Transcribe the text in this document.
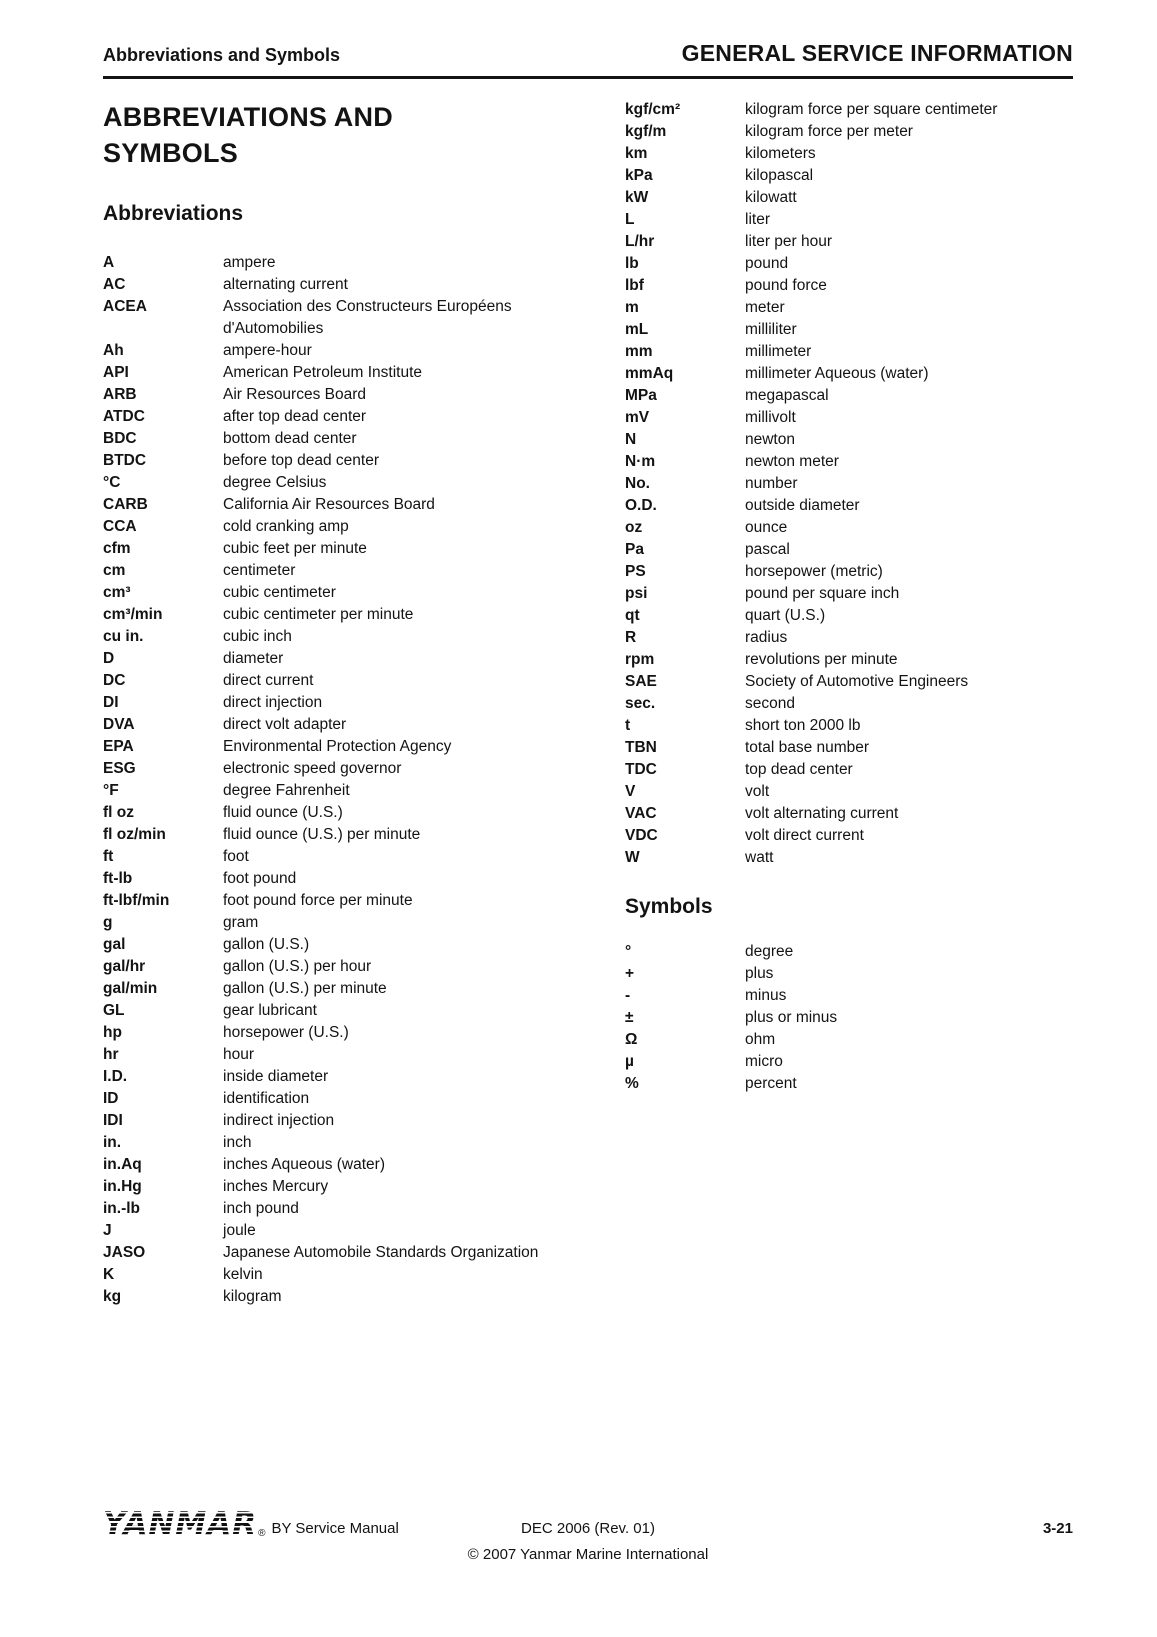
Abbreviations and Symbols	GENERAL SERVICE INFORMATION
ABBREVIATIONS AND SYMBOLS
Abbreviations
A	ampere
AC	alternating current
ACEA	Association des Constructeurs Européens d'Automobilies
Ah	ampere-hour
API	American Petroleum Institute
ARB	Air Resources Board
ATDC	after top dead center
BDC	bottom dead center
BTDC	before top dead center
°C	degree Celsius
CARB	California Air Resources Board
CCA	cold cranking amp
cfm	cubic feet per minute
cm	centimeter
cm³	cubic centimeter
cm³/min	cubic centimeter per minute
cu in.	cubic inch
D	diameter
DC	direct current
DI	direct injection
DVA	direct volt adapter
EPA	Environmental Protection Agency
ESG	electronic speed governor
°F	degree Fahrenheit
fl oz	fluid ounce (U.S.)
fl oz/min	fluid ounce (U.S.) per minute
ft	foot
ft-lb	foot pound
ft-lbf/min	foot pound force per minute
g	gram
gal	gallon (U.S.)
gal/hr	gallon (U.S.) per hour
gal/min	gallon (U.S.) per minute
GL	gear lubricant
hp	horsepower (U.S.)
hr	hour
I.D.	inside diameter
ID	identification
IDI	indirect injection
in.	inch
in.Aq	inches Aqueous (water)
in.Hg	inches Mercury
in.-lb	inch pound
J	joule
JASO	Japanese Automobile Standards Organization
K	kelvin
kg	kilogram
kgf/cm²	kilogram force per square centimeter
kgf/m	kilogram force per meter
km	kilometers
kPa	kilopascal
kW	kilowatt
L	liter
L/hr	liter per hour
lb	pound
lbf	pound force
m	meter
mL	milliliter
mm	millimeter
mmAq	millimeter Aqueous (water)
MPa	megapascal
mV	millivolt
N	newton
N·m	newton meter
No.	number
O.D.	outside diameter
oz	ounce
Pa	pascal
PS	horsepower (metric)
psi	pound per square inch
qt	quart (U.S.)
R	radius
rpm	revolutions per minute
SAE	Society of Automotive Engineers
sec.	second
t	short ton 2000 lb
TBN	total base number
TDC	top dead center
V	volt
VAC	volt alternating current
VDC	volt direct current
W	watt
Symbols
°	degree
+	plus
-	minus
±	plus or minus
Ω	ohm
µ	micro
%	percent
YANMAR ® BY Service Manual	DEC 2006 (Rev. 01)	3-21
© 2007 Yanmar Marine International
